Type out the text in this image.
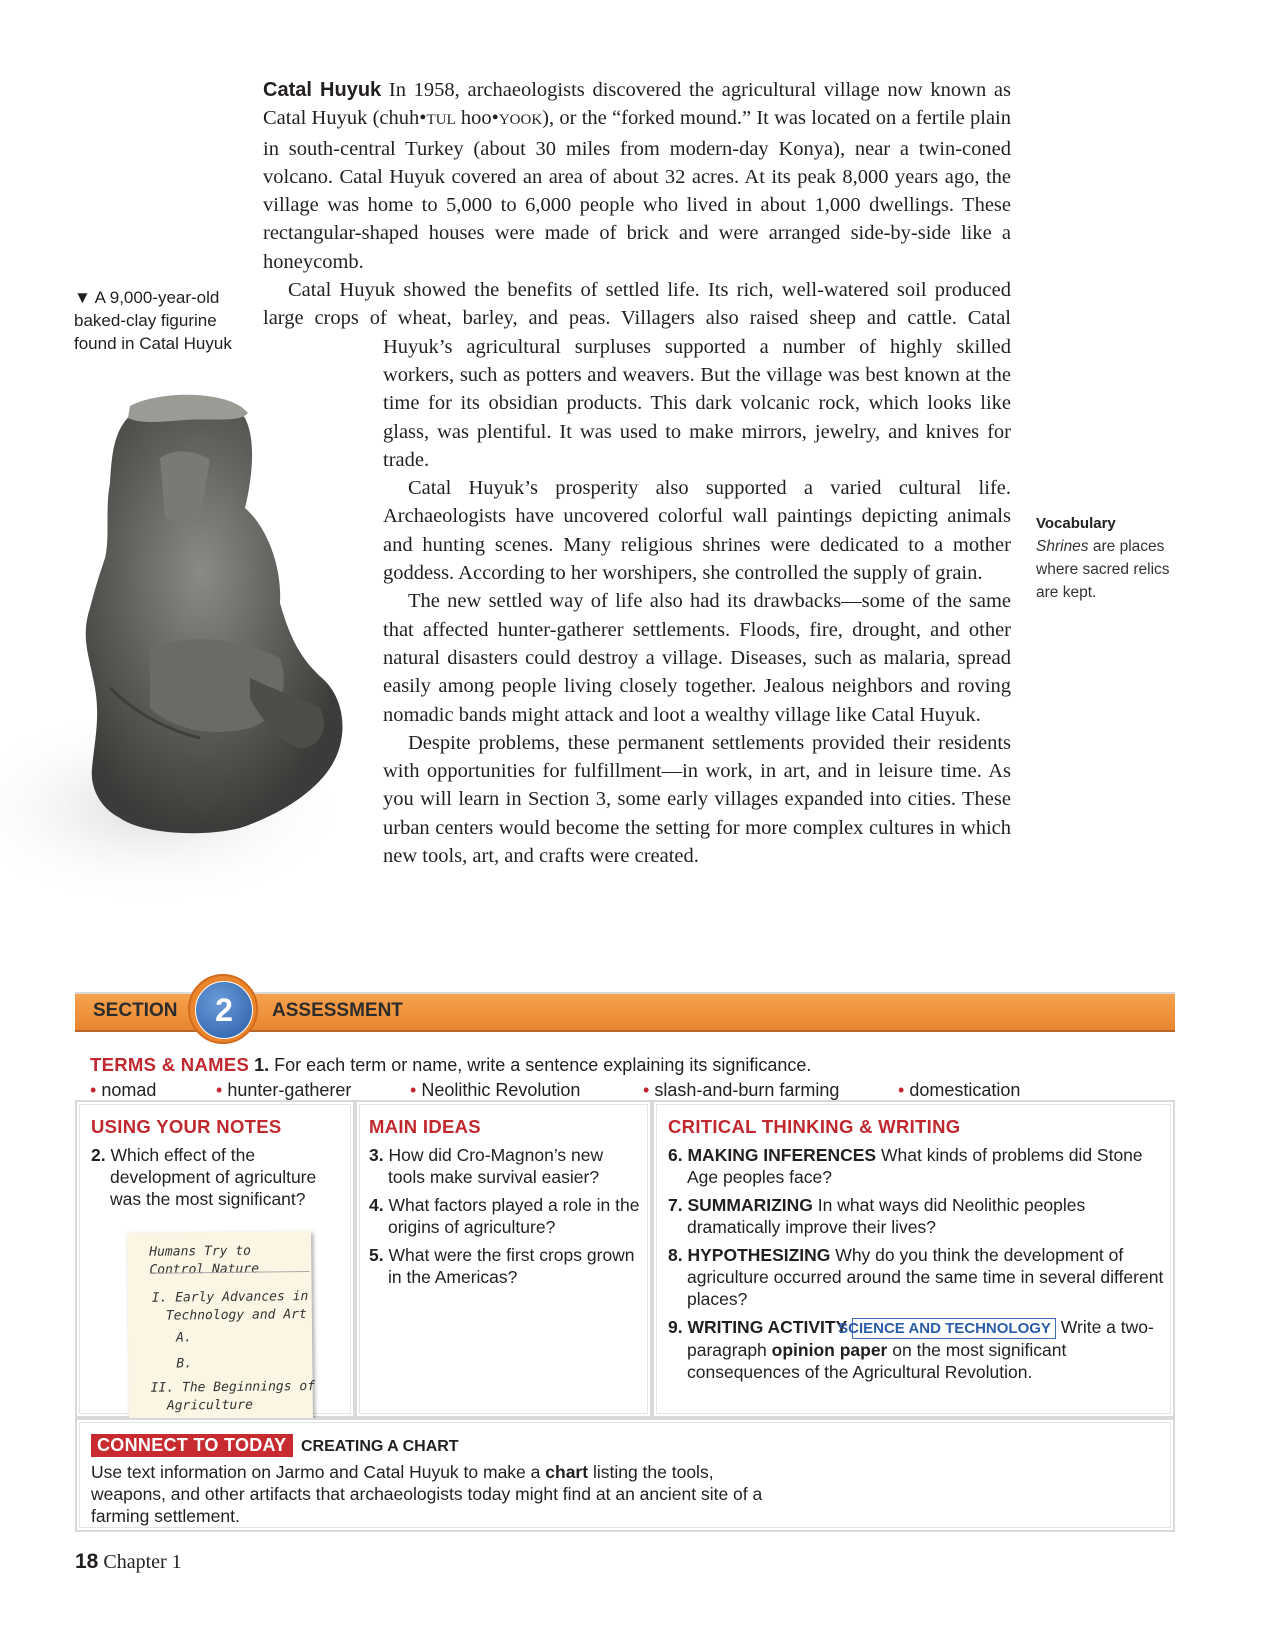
Catal Huyuk In 1958, archaeologists discovered the agricultural village now known as Catal Huyuk (chuh•TUL hoo•YOOK), or the “forked mound.” It was located on a fertile plain in south-central Turkey (about 30 miles from modern-day Konya), near a twin-coned volcano. Catal Huyuk covered an area of about 32 acres. At its peak 8,000 years ago, the village was home to 5,000 to 6,000 people who lived in about 1,000 dwellings. These rectangular-shaped houses were made of brick and were arranged side-by-side like a honeycomb.

Catal Huyuk showed the benefits of settled life. Its rich, well-watered soil produced large crops of wheat, barley, and peas. Villagers also raised sheep and cattle. Catal Huyuk’s agricultural surpluses supported a number of highly skilled workers, such as potters and weavers. But the village was best known at the time for its obsidian products. This dark volcanic rock, which looks like glass, was plentiful. It was used to make mirrors, jewelry, and knives for trade.

Catal Huyuk’s prosperity also supported a varied cultural life. Archaeologists have uncovered colorful wall paintings depicting animals and hunting scenes. Many religious shrines were dedicated to a mother goddess. According to her worshipers, she controlled the supply of grain.

The new settled way of life also had its drawbacks—some of the same that affected hunter-gatherer settlements. Floods, fire, drought, and other natural disasters could destroy a village. Diseases, such as malaria, spread easily among people living closely together. Jealous neighbors and roving nomadic bands might attack and loot a wealthy village like Catal Huyuk.

Despite problems, these permanent settlements provided their residents with opportunities for fulfillment—in work, in art, and in leisure time. As you will learn in Section 3, some early villages expanded into cities. These urban centers would become the setting for more complex cultures in which new tools, art, and crafts were created.

▼ A 9,000-year-old baked-clay figurine found in Catal Huyuk
Vocabulary
Shrines are places where sacred relics are kept.
SECTION	ASSESSMENT
2
TERMS & NAMES 1. For each term or name, write a sentence explaining its significance.
• nomad	• hunter-gatherer	• Neolithic Revolution	• slash-and-burn farming	• domestication
USING YOUR NOTES
2. Which effect of the development of agriculture was the most significant?
Humans Try to
Control Nature
I. Early Advances in
Technology and Art
A.
B.
II. The Beginnings of
Agriculture
MAIN IDEAS
3. How did Cro-Magnon’s new tools make survival easier?
4. What factors played a role in the origins of agriculture?
5. What were the first crops grown in the Americas?
CRITICAL THINKING & WRITING
6. MAKING INFERENCES What kinds of problems did Stone Age peoples face?
7. SUMMARIZING In what ways did Neolithic peoples dramatically improve their lives?
8. HYPOTHESIZING Why do you think the development of agriculture occurred around the same time in several different places?
9. WRITING ACTIVITY SCIENCE AND TECHNOLOGY Write a two-paragraph opinion paper on the most significant consequences of the Agricultural Revolution.
CONNECT TO TODAY CREATING A CHART
Use text information on Jarmo and Catal Huyuk to make a chart listing the tools, weapons, and other artifacts that archaeologists today might find at an ancient site of a farming settlement.
18 Chapter 1
